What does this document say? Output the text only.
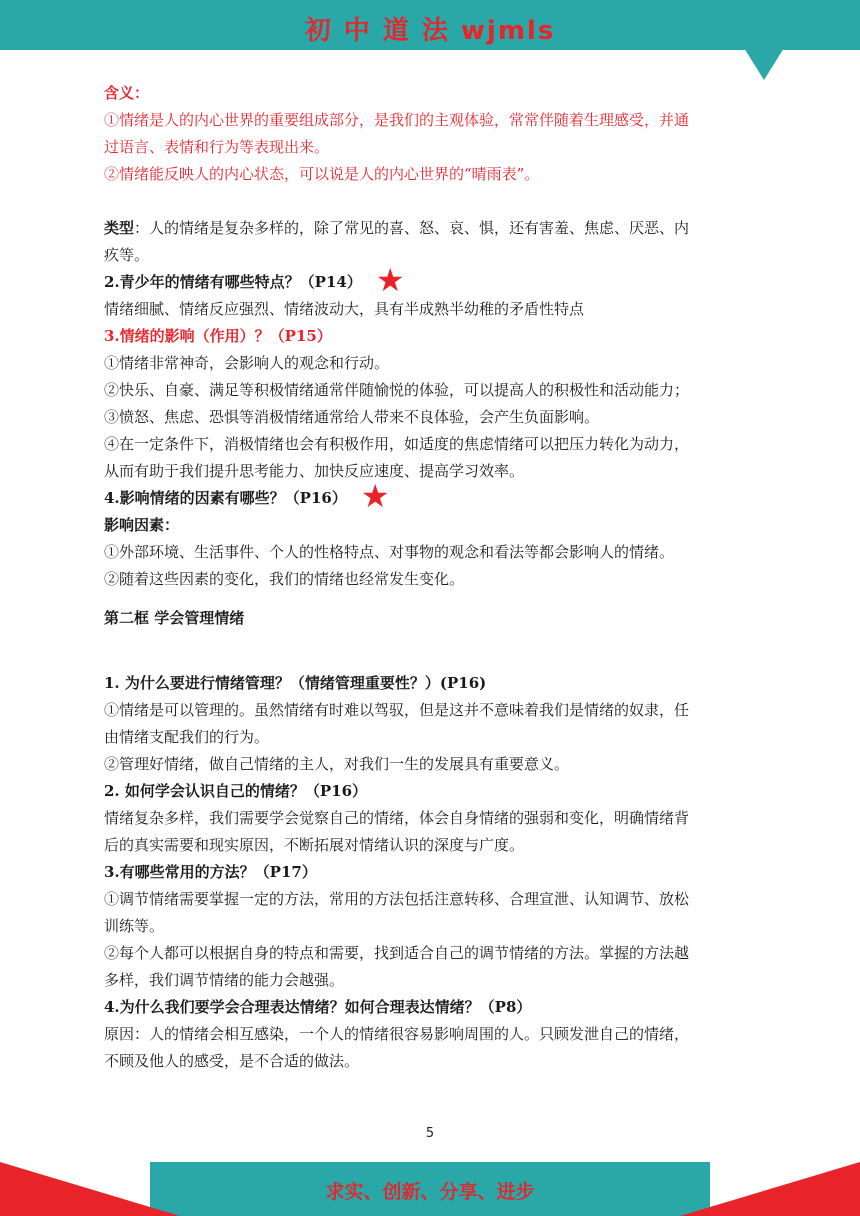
初 中 道 法 wjmls
含义：
①情绪是人的内心世界的重要组成部分，是我们的主观体验，常常伴随着生理感受，并通
过语言、表情和行为等表现出来。
②情绪能反映人的内心状态，可以说是人的内心世界的“晴雨表”。
类型：人的情绪是复杂多样的，除了常见的喜、怒、哀、惧，还有害羞、焦虑、厌恶、内
疚等。
2.青少年的情绪有哪些特点？（P14） ★
情绪细腻、情绪反应强烈、情绪波动大，具有半成熟半幼稚的矛盾性特点
3.情绪的影响（作用）？（P15）
①情绪非常神奇，会影响人的观念和行动。
②快乐、自豪、满足等积极情绪通常伴随愉悦的体验，可以提高人的积极性和活动能力；
③愤怒、焦虑、恐惧等消极情绪通常给人带来不良体验，会产生负面影响。
④在一定条件下，消极情绪也会有积极作用，如适度的焦虑情绪可以把压力转化为动力，
从而有助于我们提升思考能力、加快反应速度、提高学习效率。
4.影响情绪的因素有哪些？（P16） ★
影响因素：
①外部环境、生活事件、个人的性格特点、对事物的观念和看法等都会影响人的情绪。
②随着这些因素的变化，我们的情绪也经常发生变化。
第二框 学会管理情绪
1. 为什么要进行情绪管理？（情绪管理重要性？）(P16)
①情绪是可以管理的。虽然情绪有时难以驾驭，但是这并不意味着我们是情绪的奴隶，任
由情绪支配我们的行为。
②管理好情绪，做自己情绪的主人，对我们一生的发展具有重要意义。
2. 如何学会认识自己的情绪？（P16）
情绪复杂多样，我们需要学会觉察自己的情绪，体会自身情绪的强弱和变化，明确情绪背
后的真实需要和现实原因，不断拓展对情绪认识的深度与广度。
3.有哪些常用的方法？（P17）
①调节情绪需要掌握一定的方法，常用的方法包括注意转移、合理宣泄、认知调节、放松
训练等。
②每个人都可以根据自身的特点和需要，找到适合自己的调节情绪的方法。掌握的方法越
多样，我们调节情绪的能力会越强。
4.为什么我们要学会合理表达情绪？如何合理表达情绪？（P8）
原因：人的情绪会相互感染，一个人的情绪很容易影响周围的人。只顾发泄自己的情绪，
不顾及他人的感受，是不合适的做法。
5
求实、创新、分享、进步
